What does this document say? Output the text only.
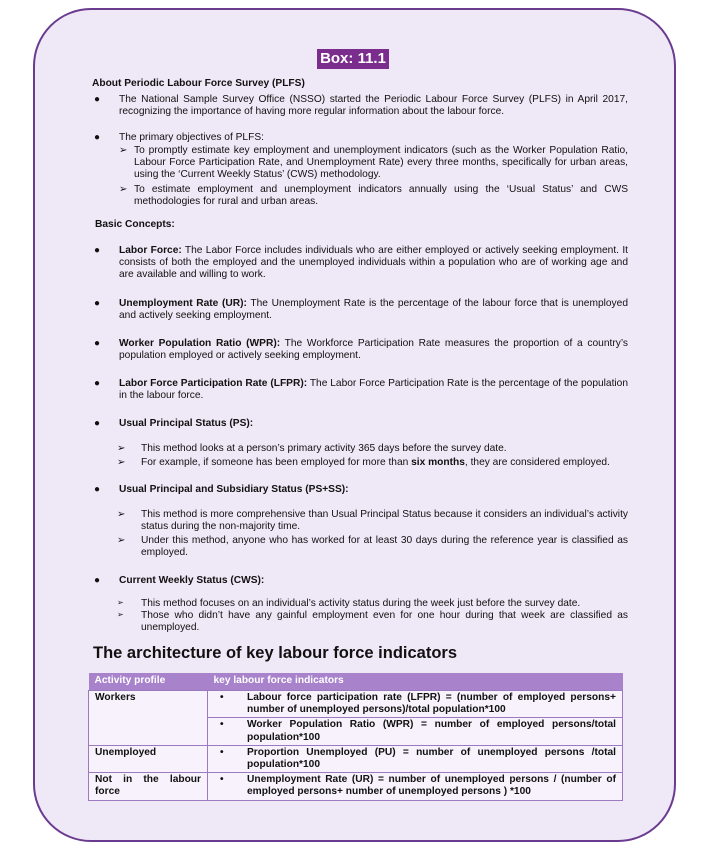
Box: 11.1
About Periodic Labour Force Survey (PLFS)
● The National Sample Survey Office (NSSO) started the Periodic Labour Force Survey (PLFS) in April 2017, recognizing the importance of having more regular information about the labour force.
● The primary objectives of PLFS:
➢ To promptly estimate key employment and unemployment indicators (such as the Worker Population Ratio, Labour Force Participation Rate, and Unemployment Rate) every three months, specifically for urban areas, using the ‘Current Weekly Status’ (CWS) methodology.
➢ To estimate employment and unemployment indicators annually using the ‘Usual Status’ and CWS methodologies for rural and urban areas.
Basic Concepts:
● Labor Force: The Labor Force includes individuals who are either employed or actively seeking employment. It consists of both the employed and the unemployed individuals within a population who are of working age and are available and willing to work.
● Unemployment Rate (UR): The Unemployment Rate is the percentage of the labour force that is unemployed and actively seeking employment.
● Worker Population Ratio (WPR): The Workforce Participation Rate measures the proportion of a country’s population employed or actively seeking employment.
● Labor Force Participation Rate (LFPR): The Labor Force Participation Rate is the percentage of the population in the labour force.
● Usual Principal Status (PS):
➢ This method looks at a person’s primary activity 365 days before the survey date.
➢ For example, if someone has been employed for more than six months, they are considered employed.
● Usual Principal and Subsidiary Status (PS+SS):
➢ This method is more comprehensive than Usual Principal Status because it considers an individual’s activity status during the non-majority time.
➢ Under this method, anyone who has worked for at least 30 days during the reference year is classified as employed.
● Current Weekly Status (CWS):
➢ This method focuses on an individual’s activity status during the week just before the survey date.
➢ Those who didn’t have any gainful employment even for one hour during that week are classified as unemployed.
The architecture of key labour force indicators
Activity profile	key labour force indicators
Workers	• Labour force participation rate (LFPR) = (number of employed persons+ number of unemployed persons)/total population*100

	• Worker Population Ratio (WPR) = number of employed persons/total population*100

Unemployed	• Proportion Unemployed (PU) = number of unemployed persons /total population*100

Not in the labour force	• Unemployment Rate (UR) = number of unemployed persons / (number of employed persons+ number of unemployed persons ) *100
